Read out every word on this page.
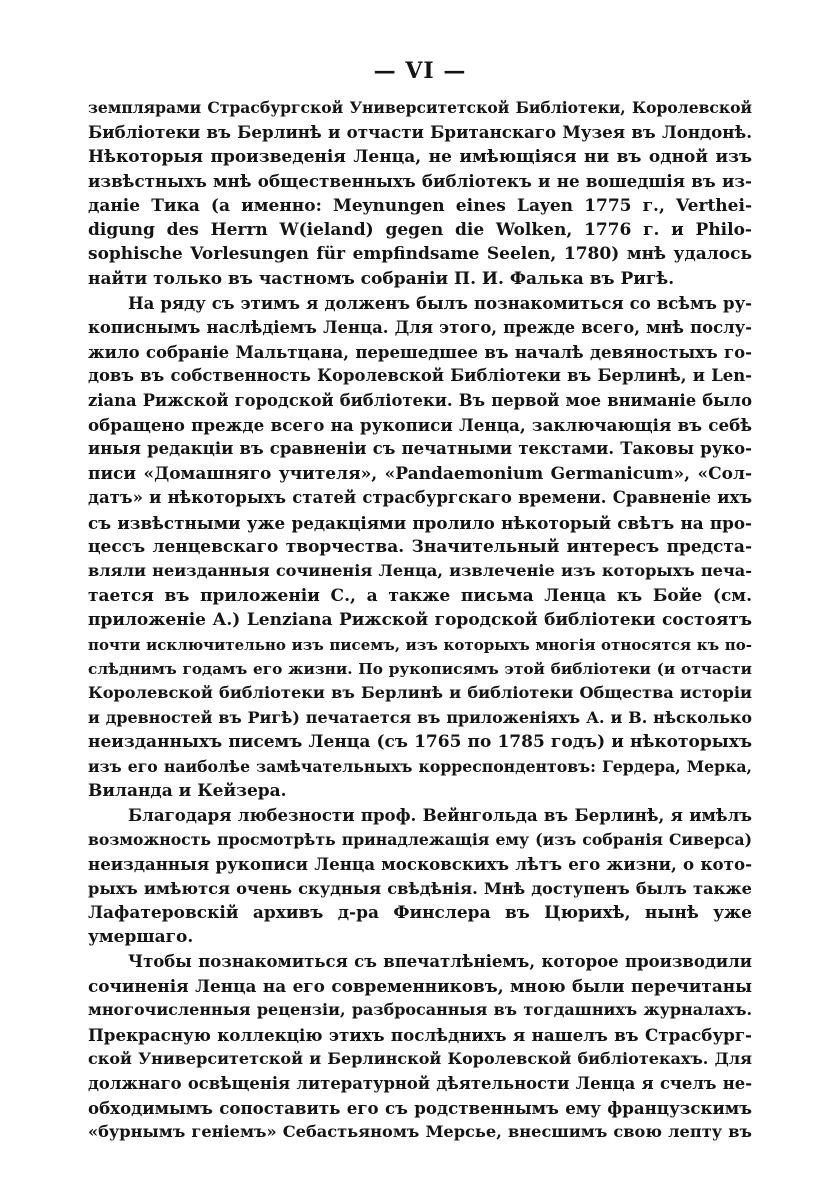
— VI —
земплярами Страсбургской Университетской Библіотеки, Королевской
Библіотеки въ Берлинѣ и отчасти Британскаго Музея въ Лондонѣ.
Нѣкоторыя произведенія Ленца, не имѣющіяся ни въ одной изъ
извѣстныхъ мнѣ общественныхъ библіотекъ и не вошедшія въ из-
даніе Тика (а именно: Meynungen eines Layen 1775 г., Verthei-
digung des Herrn W(ieland) gegen die Wolken, 1776 г. и Philo-
sophische Vorlesungen für empfindsame Seelen, 1780) мнѣ удалось
найти только въ частномъ собраніи П. И. Фалька въ Ригѣ.
На ряду съ этимъ я долженъ былъ познакомиться со всѣмъ ру-
кописнымъ наслѣдіемъ Ленца. Для этого, прежде всего, мнѣ послу-
жило собраніе Мальтцана, перешедшее въ началѣ девяностыхъ го-
довъ въ собственность Королевской Библіотеки въ Берлинѣ, и Len-
ziana Рижской городской библіотеки. Въ первой мое вниманіе было
обращено прежде всего на рукописи Ленца, заключающія въ себѣ
иныя редакціи въ сравненіи съ печатными текстами. Таковы руко-
писи «Домашняго учителя», «Pandaemonium Germanicum», «Сол-
датъ» и нѣкоторыхъ статей страсбургскаго времени. Сравненіе ихъ
съ извѣстными уже редакціями пролило нѣкоторый свѣтъ на про-
цессъ ленцевскаго творчества. Значительный интересъ предста-
вляли неизданныя сочиненія Ленца, извлеченіе изъ которыхъ печа-
тается въ приложеніи С., а также письма Ленца къ Бойе (см.
приложеніе А.) Lenziana Рижской городской библіотеки состоятъ
почти исключительно изъ писемъ, изъ которыхъ многія относятся къ по-
слѣднимъ годамъ его жизни. По рукописямъ этой библіотеки (и отчасти
Королевской библіотеки въ Берлинѣ и библіотеки Общества исторіи
и древностей въ Ригѣ) печатается въ приложеніяхъ А. и В. нѣсколько
неизданныхъ писемъ Ленца (съ 1765 по 1785 годъ) и нѣкоторыхъ
изъ его наиболѣе замѣчательныхъ корреспондентовъ: Гердера, Мерка,
Виланда и Кейзера.
Благодаря любезности проф. Вейнгольда въ Берлинѣ, я имѣлъ
возможность просмотрѣть принадлежащія ему (изъ собранія Сиверса)
неизданныя рукописи Ленца московскихъ лѣтъ его жизни, о кото-
рыхъ имѣются очень скудныя свѣдѣнія. Мнѣ доступенъ былъ также
Лафатеровскій архивъ д-ра Финслера въ Цюрихѣ, нынѣ уже
умершаго.
Чтобы познакомиться съ впечатлѣніемъ, которое производили
сочиненія Ленца на его современниковъ, мною были перечитаны
многочисленныя рецензіи, разбросанныя въ тогдашнихъ журналахъ.
Прекрасную коллекцію этихъ послѣднихъ я нашелъ въ Страсбург-
ской Университетской и Берлинской Королевской библіотекахъ. Для
должнаго освѣщенія литературной дѣятельности Ленца я счелъ не-
обходимымъ сопоставить его съ родственнымъ ему французскимъ
«бурнымъ геніемъ» Себастьяномъ Мерсье, внесшимъ свою лепту въ
